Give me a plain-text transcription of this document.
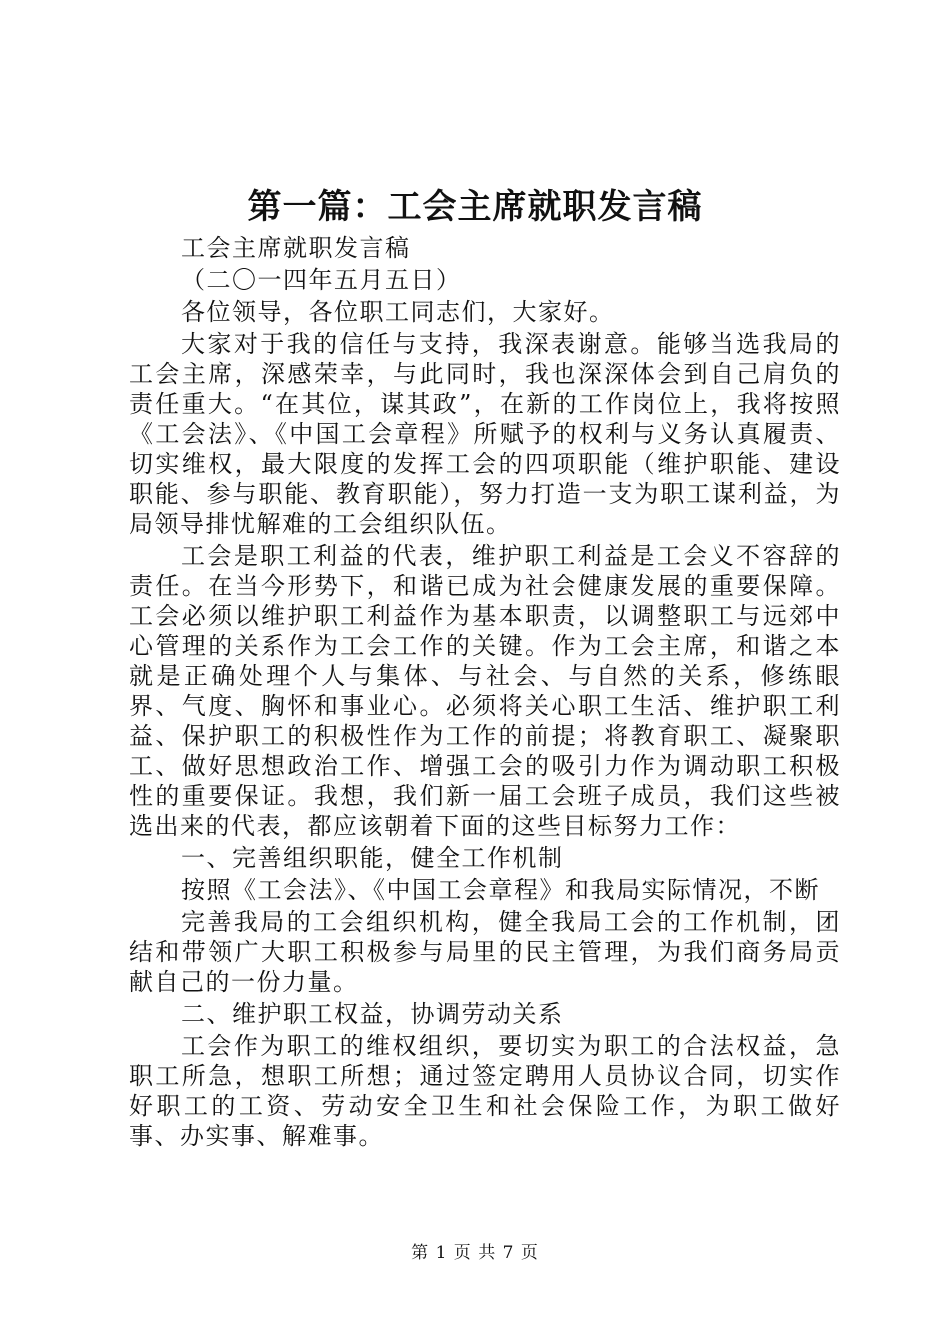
第一篇：工会主席就职发言稿

工会主席就职发言稿

（二〇一四年五月五日）

各位领导，各位职工同志们，大家好。

大家对于我的信任与支持，我深表谢意。能够当选我局的工会主席，深感荣幸，与此同时，我也深深体会到自己肩负的责任重大。“在其位，谋其政”，在新的工作岗位上，我将按照《工会法》、《中国工会章程》所赋予的权利与义务认真履责、切实维权，最大限度的发挥工会的四项职能（维护职能、建设职能、参与职能、教育职能），努力打造一支为职工谋利益，为局领导排忧解难的工会组织队伍。

工会是职工利益的代表，维护职工利益是工会义不容辞的责任。在当今形势下，和谐已成为社会健康发展的重要保障。工会必须以维护职工利益作为基本职责，以调整职工与远郊中心管理的关系作为工会工作的关键。作为工会主席，和谐之本就是正确处理个人与集体、与社会、与自然的关系，修练眼界、气度、胸怀和事业心。必须将关心职工生活、维护职工利益、保护职工的积极性作为工作的前提；将教育职工、凝聚职工、做好思想政治工作、增强工会的吸引力作为调动职工积极性的重要保证。我想，我们新一届工会班子成员，我们这些被选出来的代表，都应该朝着下面的这些目标努力工作：

一、完善组织职能，健全工作机制

按照《工会法》、《中国工会章程》和我局实际情况，不断

完善我局的工会组织机构，健全我局工会的工作机制，团结和带领广大职工积极参与局里的民主管理，为我们商务局贡献自己的一份力量。

二、维护职工权益，协调劳动关系

工会作为职工的维权组织，要切实为职工的合法权益，急职工所急，想职工所想；通过签定聘用人员协议合同，切实作好职工的工资、劳动安全卫生和社会保险工作，为职工做好事、办实事、解难事。

第 1 页 共 7 页
